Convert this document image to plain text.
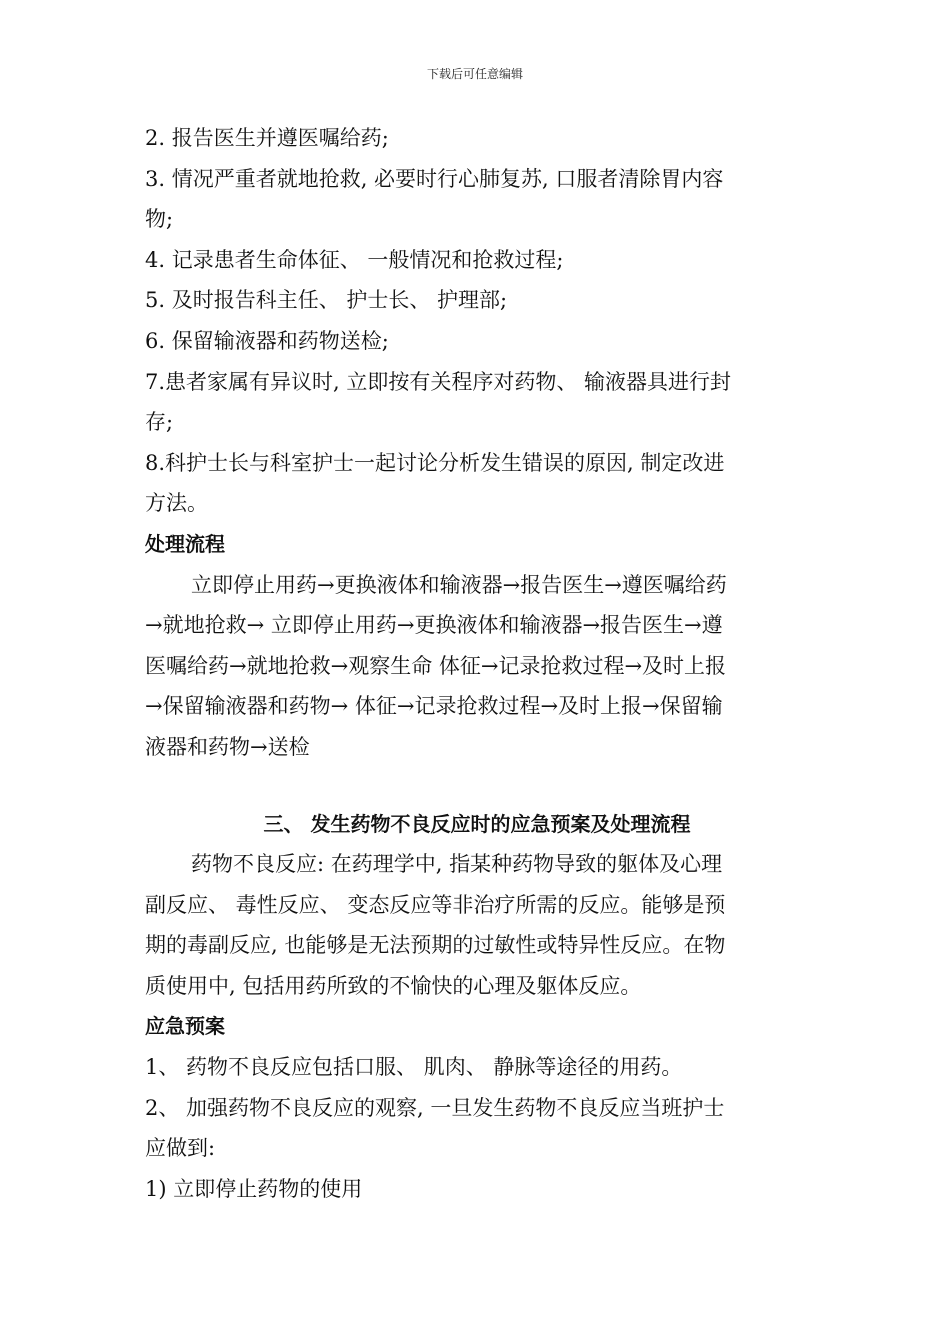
下载后可任意编辑
2. 报告医生并遵医嘱给药;
3. 情况严重者就地抢救, 必要时行心肺复苏, 口服者清除胃内容
物;
4. 记录患者生命体征、 一般情况和抢救过程;
5. 及时报告科主任、 护士长、 护理部;
6. 保留输液器和药物送检;
7.患者家属有异议时, 立即按有关程序对药物、 输液器具进行封
存;
8.科护士长与科室护士一起讨论分析发生错误的原因, 制定改进
方法。
处理流程
立即停止用药→更换液体和输液器→报告医生→遵医嘱给药
→就地抢救→ 立即停止用药→更换液体和输液器→报告医生→遵
医嘱给药→就地抢救→观察生命 体征→记录抢救过程→及时上报
→保留输液器和药物→ 体征→记录抢救过程→及时上报→保留输
液器和药物→送检
三、 发生药物不良反应时的应急预案及处理流程
药物不良反应: 在药理学中, 指某种药物导致的躯体及心理
副反应、 毒性反应、 变态反应等非治疗所需的反应。能够是预
期的毒副反应, 也能够是无法预期的过敏性或特异性反应。在物
质使用中, 包括用药所致的不愉快的心理及躯体反应。
应急预案
1、 药物不良反应包括口服、 肌肉、 静脉等途径的用药。
2、 加强药物不良反应的观察, 一旦发生药物不良反应当班护士
应做到:
1) 立即停止药物的使用
